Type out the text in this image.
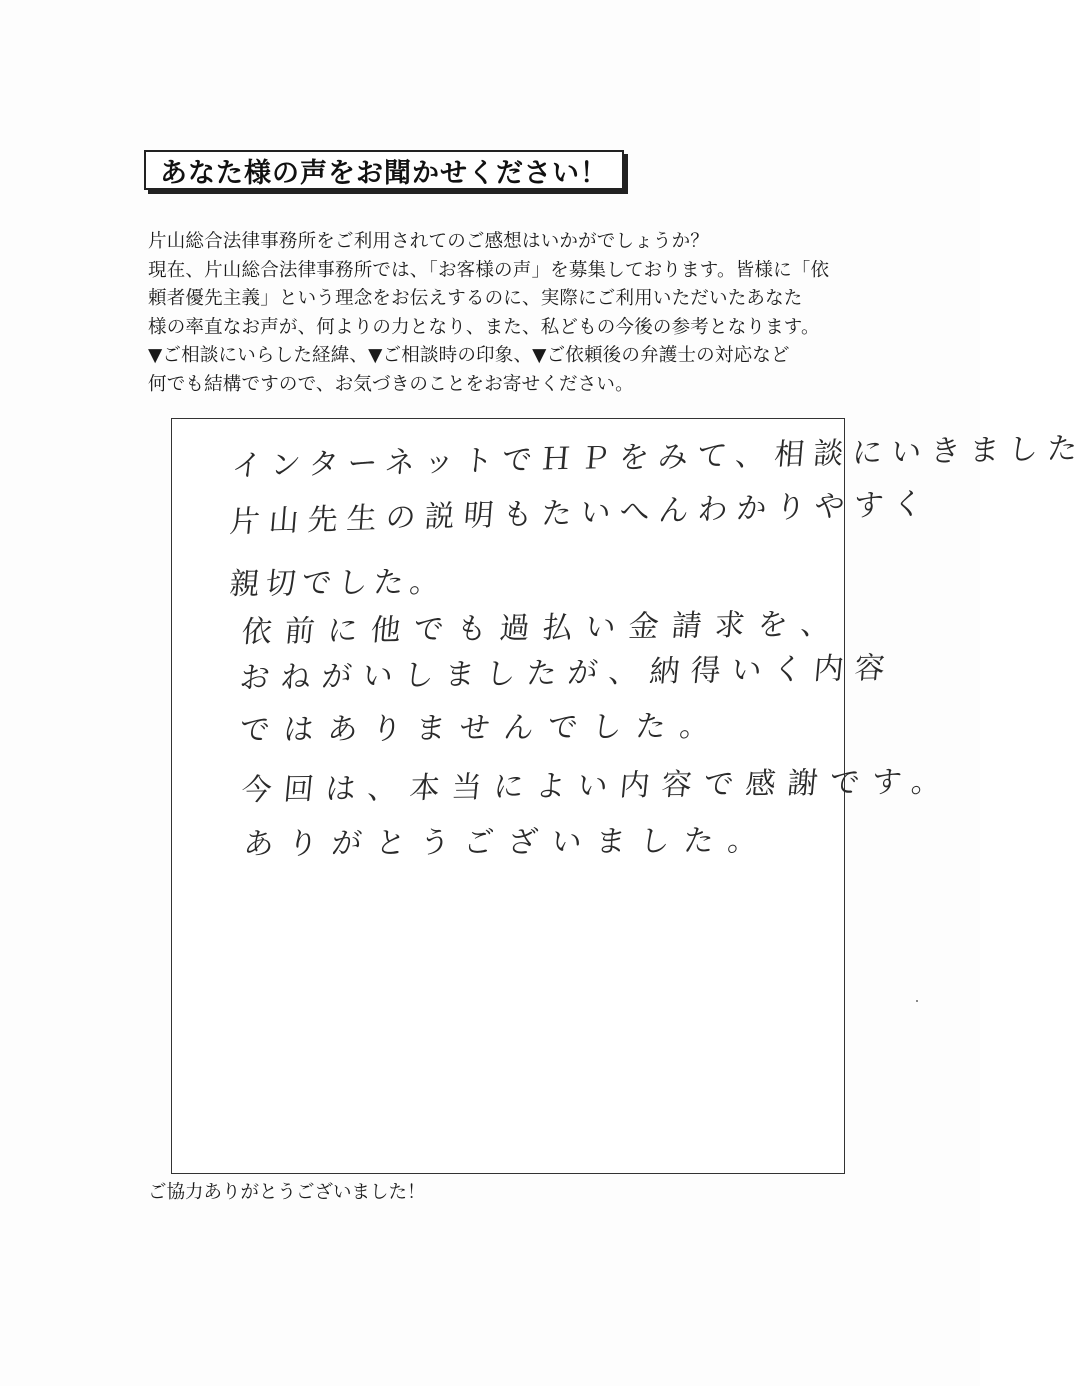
あなた様の声をお聞かせください！
片山総合法律事務所をご利用されてのご感想はいかがでしょうか？
現在、片山総合法律事務所では、「お客様の声」を募集しております。皆様に「依
頼者優先主義」という理念をお伝えするのに、実際にご利用いただいたあなた
様の率直なお声が、何よりの力となり、また、私どもの今後の参考となります。
▼ご相談にいらした経緯、▼ご相談時の印象、▼ご依頼後の弁護士の対応など
何でも結構ですので、お気づきのことをお寄せください。
インターネットでＨＰをみて、相談にいきました
片山先生の説明もたいへんわかりやすく
親切でした。
依前に他でも過払い金請求を、
おねがいしましたが、納得いく内容
ではありませんでした。
今回は、本当によい内容で感謝です。
ありがとうございました。
ご協力ありがとうございました！
